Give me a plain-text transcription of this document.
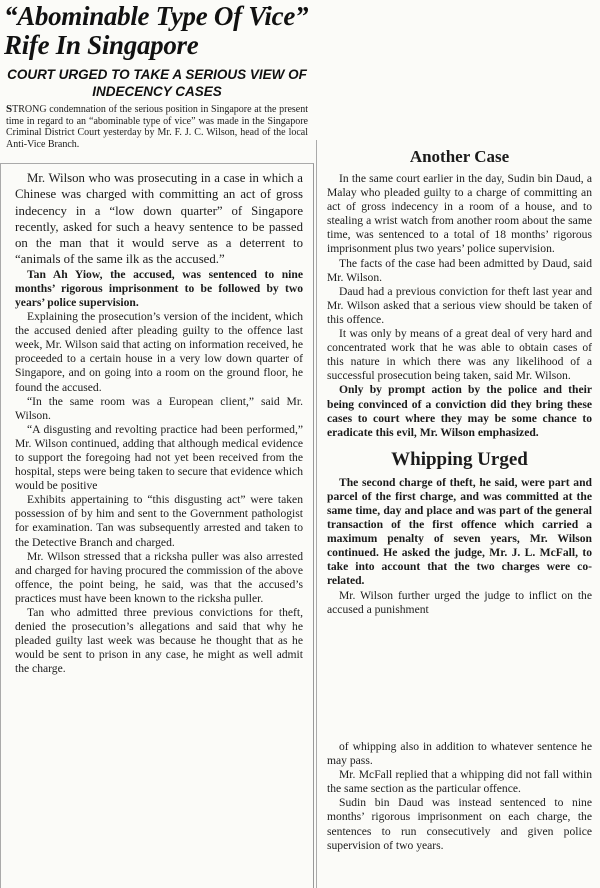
“Abominable Type Of Vice” Rife In Singapore
COURT URGED TO TAKE A SERIOUS VIEW OF INDECENCY CASES

STRONG condemnation of the serious position in Singapore at the present time in regard to an “abominable type of vice” was made in the Singapore Criminal District Court yesterday by Mr. F. J. C. Wilson, head of the local Anti-Vice Branch.

Mr. Wilson who was prosecuting in a case in which a Chinese was charged with committing an act of gross indecency in a “low down quarter” of Singapore recently, asked for such a heavy sentence to be passed on the man that it would serve as a deterrent to “animals of the same ilk as the accused.”

Tan Ah Yiow, the accused, was sentenced to nine months’ rigorous imprisonment to be followed by two years’ police supervision.

Explaining the prosecution’s version of the incident, which the accused denied after pleading guilty to the offence last week, Mr. Wilson said that acting on information received, he proceeded to a certain house in a very low down quarter of Singapore, and on going into a room on the ground floor, he found the accused.

“In the same room was a European client,” said Mr. Wilson.

“A disgusting and revolting practice had been performed,” Mr. Wilson continued, adding that although medical evidence to support the foregoing had not yet been received from the hospital, steps were being taken to secure that evidence which would be positive

Exhibits appertaining to “this disgusting act” were taken possession of by him and sent to the Government pathologist for examination. Tan was subsequently arrested and taken to the Detective Branch and charged.

Mr. Wilson stressed that a ricksha puller was also arrested and charged for having procured the commission of the above offence, the point being, he said, was that the accused’s practices must have been known to the ricksha puller.

Tan who admitted three previous convictions for theft, denied the prosecution’s allegations and said that why he pleaded guilty last week was because he thought that as he would be sent to prison in any case, he might as well admit the charge.

Another Case

In the same court earlier in the day, Sudin bin Daud, a Malay who pleaded guilty to a charge of committing an act of gross indecency in a room of a house, and to stealing a wrist watch from another room about the same time, was sentenced to a total of 18 months’ rigorous imprisonment plus two years’ police supervision.

The facts of the case had been admitted by Daud, said Mr. Wilson.

Daud had a previous conviction for theft last year and Mr. Wilson asked that a serious view should be taken of this offence.

It was only by means of a great deal of very hard and concentrated work that he was able to obtain cases of this nature in which there was any likelihood of a successful prosecution being taken, said Mr. Wilson.

Only by prompt action by the police and their being convinced of a conviction did they bring these cases to court where they may be some chance to eradicate this evil, Mr. Wilson emphasized.

Whipping Urged

The second charge of theft, he said, were part and parcel of the first charge, and was committed at the same time, day and place and was part of the general transaction of the first offence which carried a maximum penalty of seven years, Mr. Wilson continued. He asked the judge, Mr. J. L. McFall, to take into account that the two charges were co-related.

Mr. Wilson further urged the judge to inflict on the accused a punishment

of whipping also in addition to whatever sentence he may pass.

Mr. McFall replied that a whipping did not fall within the same section as the particular offence.

Sudin bin Daud was instead sentenced to nine months’ rigorous imprisonment on each charge, the sentences to run consecutively and given police supervision of two years.
